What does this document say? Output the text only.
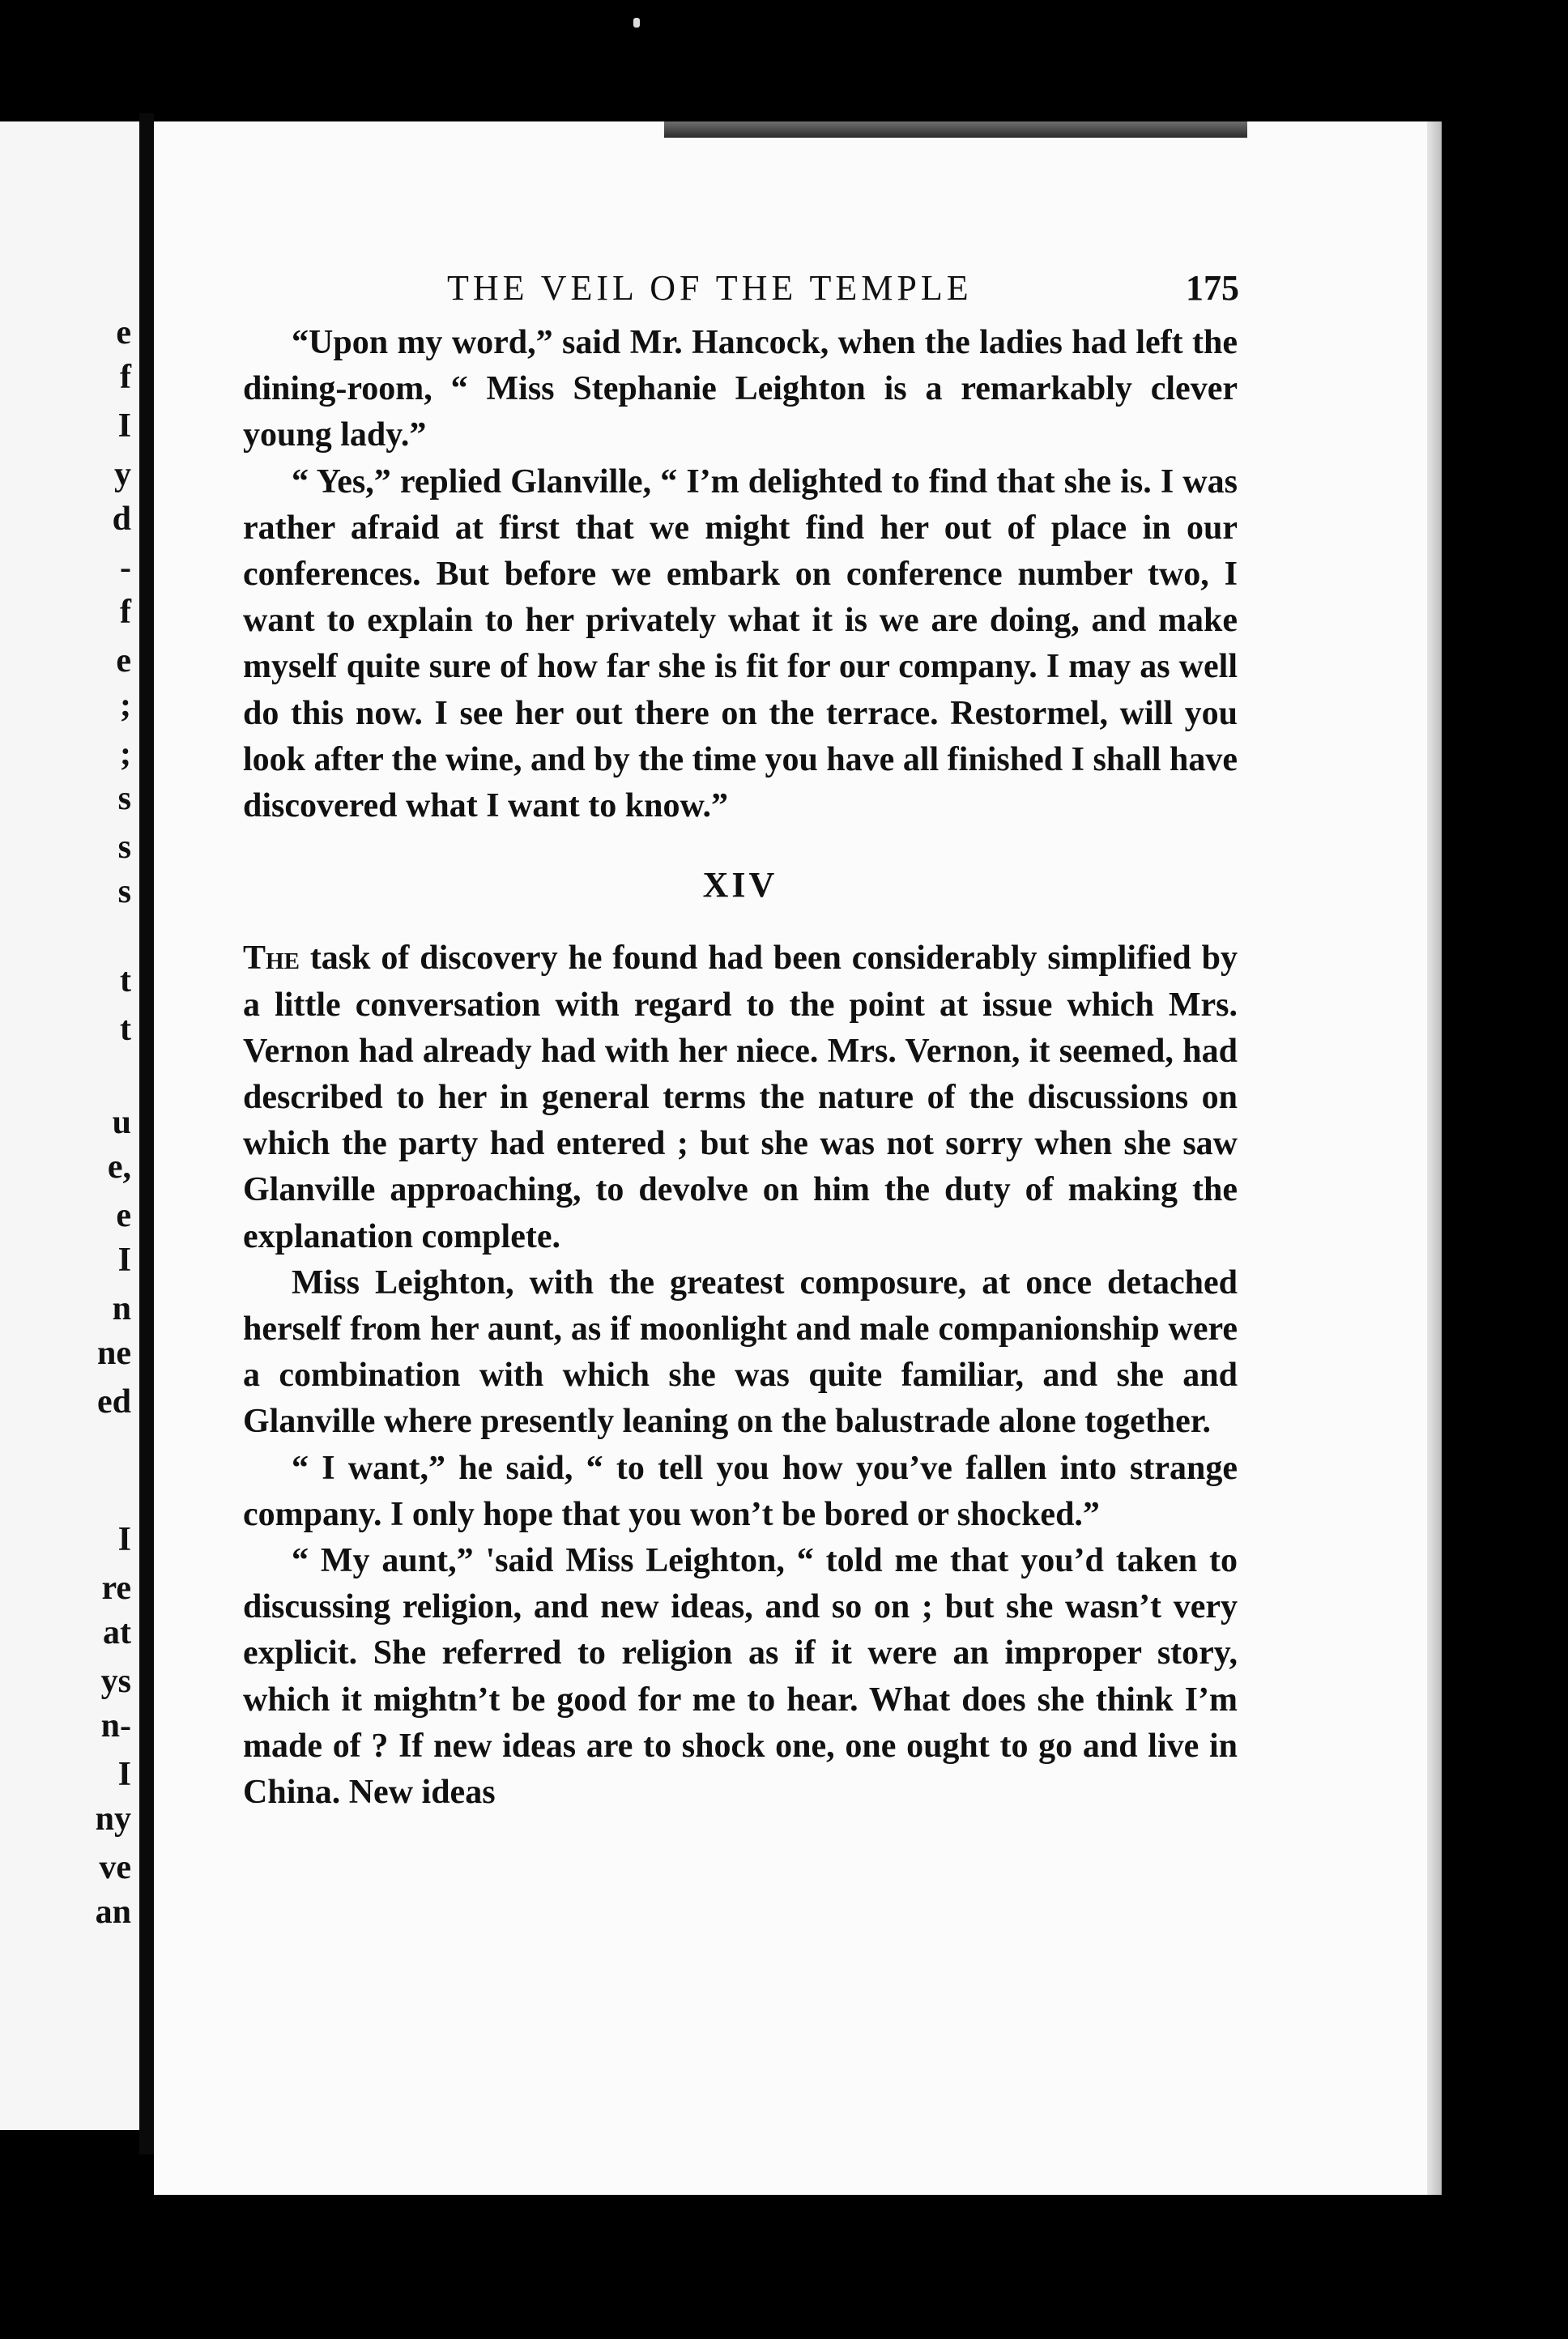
e
f
I
y
d
-
f
e
;
;
s
s
s
t
t
u
e,
e
I
n
ne
ed
I
re
at
ys
n-
I
ny
ve
an
THE VEIL OF THE TEMPLE	175

“Upon my word,” said Mr. Hancock, when the ladies had left the dining-room, “ Miss Stephanie Leighton is a remarkably clever young lady.”

“ Yes,” replied Glanville, “ I’m delighted to find that she is. I was rather afraid at first that we might find her out of place in our conferences. But before we embark on conference number two, I want to explain to her privately what it is we are doing, and make myself quite sure of how far she is fit for our company. I may as well do this now. I see her out there on the terrace. Restormel, will you look after the wine, and by the time you have all finished I shall have discovered what I want to know.”

XIV

The task of discovery he found had been considerably simplified by a little conversation with regard to the point at issue which Mrs. Vernon had already had with her niece. Mrs. Vernon, it seemed, had described to her in general terms the nature of the discussions on which the party had entered ; but she was not sorry when she saw Glanville approaching, to devolve on him the duty of making the explanation complete.

Miss Leighton, with the greatest composure, at once detached herself from her aunt, as if moonlight and male companionship were a combination with which she was quite familiar, and she and Glanville where presently leaning on the balustrade alone together.

“ I want,” he said, “ to tell you how you’ve fallen into strange company. I only hope that you won’t be bored or shocked.”

“ My aunt,” 'said Miss Leighton, “ told me that you’d taken to discussing religion, and new ideas, and so on ; but she wasn’t very explicit. She referred to religion as if it were an improper story, which it mightn’t be good for me to hear. What does she think I’m made of ? If new ideas are to shock one, one ought to go and live in China. New ideas
